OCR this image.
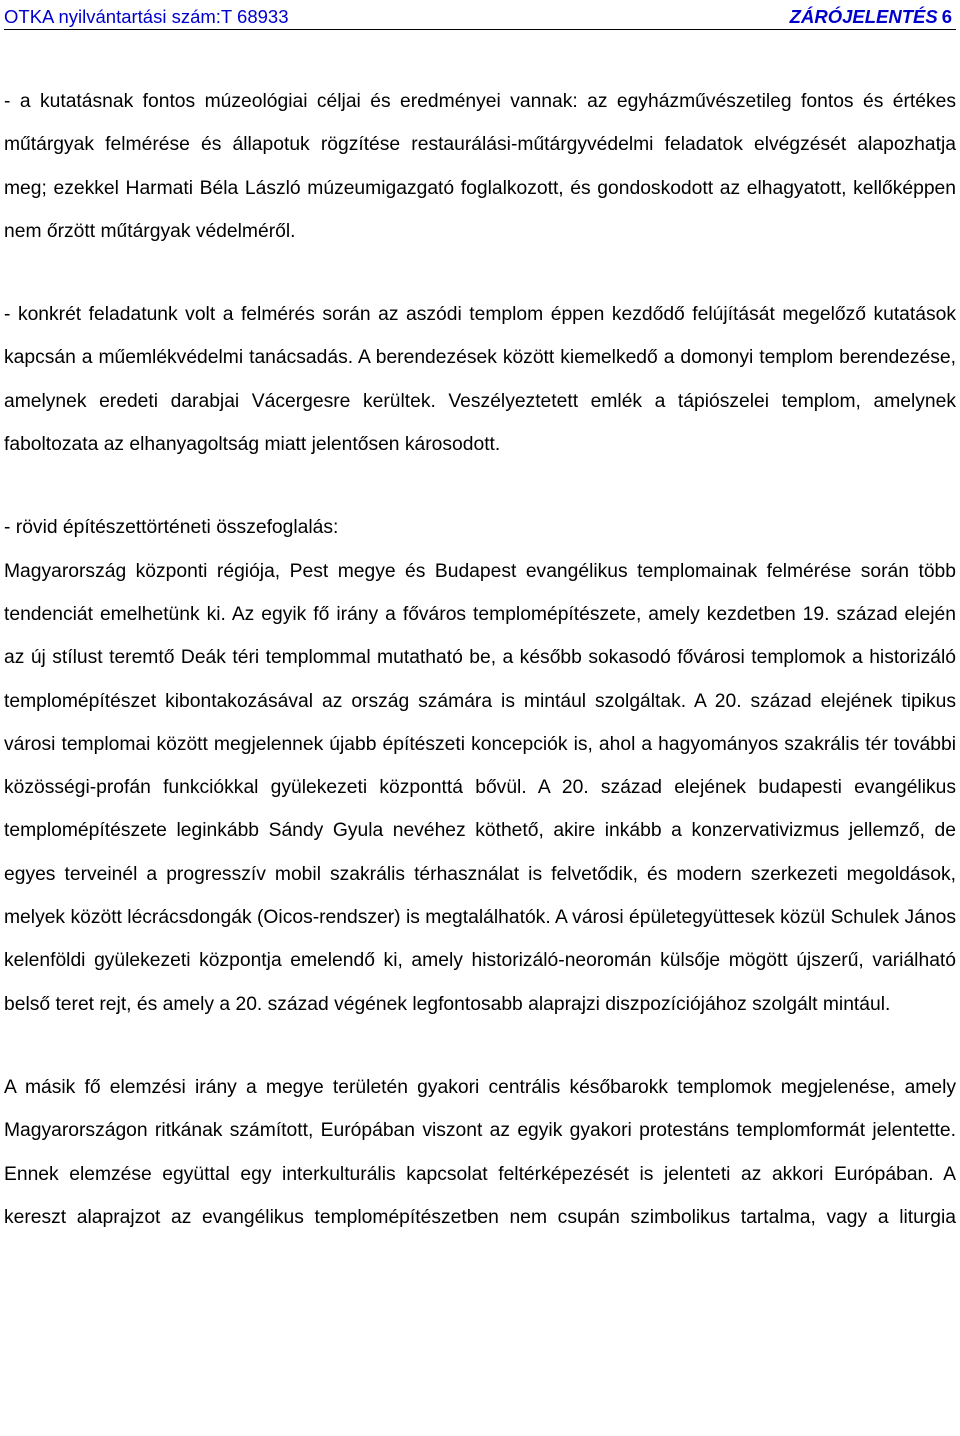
OTKA nyilvántartási szám:T 68933	ZÁRÓJELENTÉS 6

- a kutatásnak fontos múzeológiai céljai és eredményei vannak: az egyházművészetileg fontos és értékes műtárgyak felmérése és állapotuk rögzítése restaurálási-műtárgyvédelmi feladatok elvégzését alapozhatja meg; ezekkel Harmati Béla László múzeumigazgató foglalkozott, és gondoskodott az elhagyatott, kellőképpen nem őrzött műtárgyak védelméről.

- konkrét feladatunk volt a felmérés során az aszódi templom éppen kezdődő felújítását megelőző kutatások kapcsán a műemlékvédelmi tanácsadás. A berendezések között kiemelkedő a domonyi templom berendezése, amelynek eredeti darabjai Vácergesre kerültek. Veszélyeztetett emlék a tápiószelei templom, amelynek faboltozata az elhanyagoltság miatt jelentősen károsodott.

- rövid építészettörténeti összefoglalás:
Magyarország központi régiója, Pest megye és Budapest evangélikus templomainak felmérése során több tendenciát emelhetünk ki. Az egyik fő irány a főváros templomépítészete, amely kezdetben 19. század elején az új stílust teremtő Deák téri templommal mutatható be, a később sokasodó fővárosi templomok a historizáló templomépítészet kibontakozásával az ország számára is mintául szolgáltak. A 20. század elejének tipikus városi templomai között megjelennek újabb építészeti koncepciók is, ahol a hagyományos szakrális tér további közösségi-profán funkciókkal gyülekezeti központtá bővül. A 20. század elejének budapesti evangélikus templomépítészete leginkább Sándy Gyula nevéhez köthető, akire inkább a konzervativizmus jellemző, de egyes terveinél a progresszív mobil szakrális térhasználat is felvetődik, és modern szerkezeti megoldások, melyek között lécrácsdongák (Oicos-rendszer) is megtalálhatók. A városi épületegyüttesek közül Schulek János kelenföldi gyülekezeti központja emelendő ki, amely historizáló-neoromán külsője mögött újszerű, variálható belső teret rejt, és amely a 20. század végének legfontosabb alaprajzi diszpozíciójához szolgált mintául.

A másik fő elemzési irány a megye területén gyakori centrális későbarokk templomok megjelenése, amely Magyarországon ritkának számított, Európában viszont az egyik gyakori protestáns templomformát jelentette. Ennek elemzése együttal egy interkulturális kapcsolat feltérképezését is jelenteti az akkori Európában. A kereszt alaprajzot az evangélikus templomépítészetben nem csupán szimbolikus tartalma, vagy a liturgia
